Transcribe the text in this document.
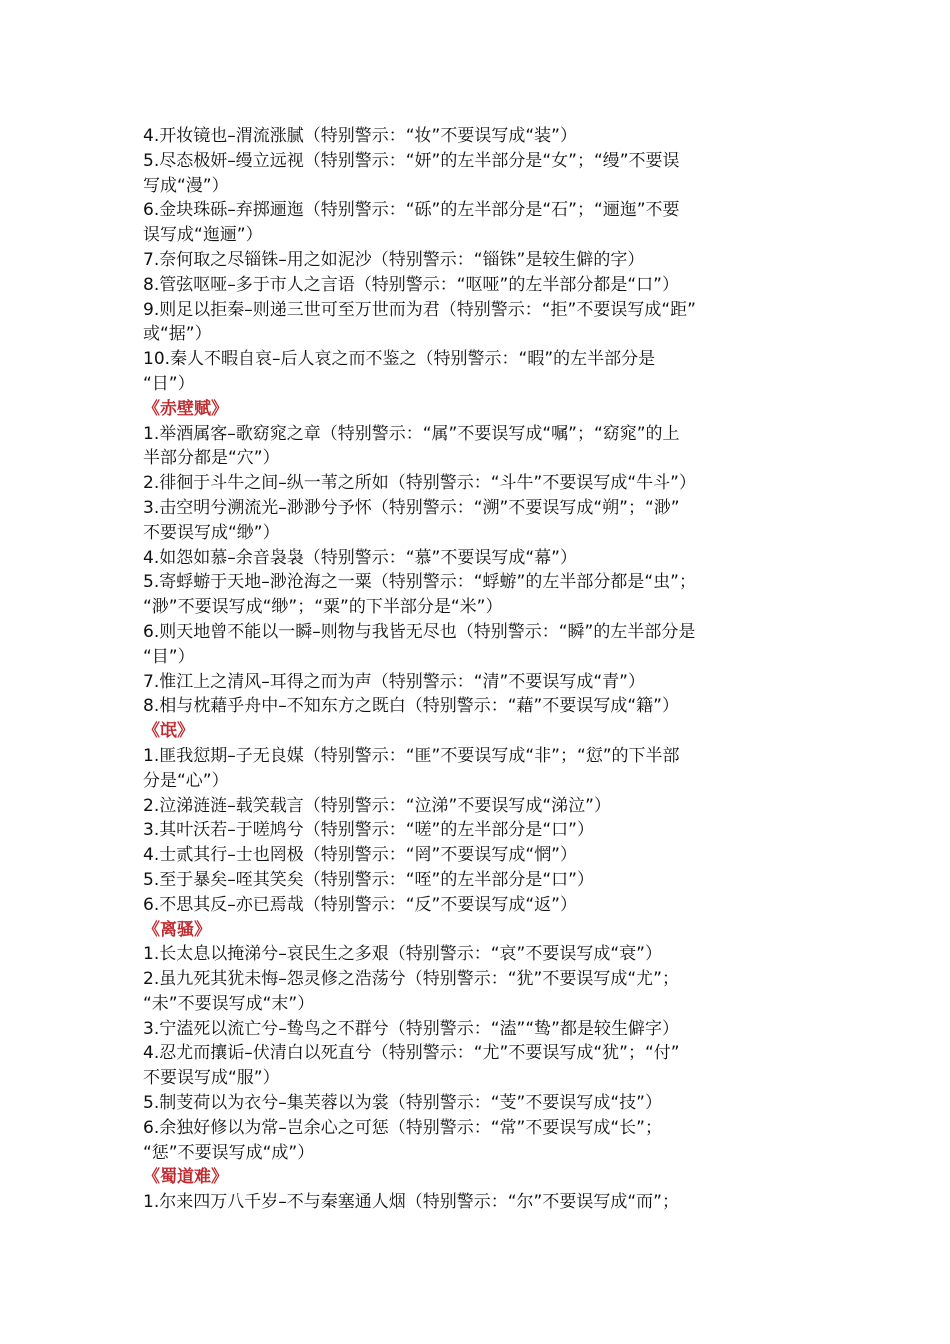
4.开妆镜也–渭流涨腻（特别警示：“妆”不要误写成“装”）
5.尽态极妍–缦立远视（特别警示：“妍”的左半部分是“女”；“缦”不要误
写成“漫”）
6.金块珠砾–弃掷逦迤（特别警示：“砾”的左半部分是“石”；“逦迤”不要
误写成“迤逦”）
7.奈何取之尽锱铢–用之如泥沙（特别警示：“锱铢”是较生僻的字）
8.管弦呕哑–多于市人之言语（特别警示：“呕哑”的左半部分都是“口”）
9.则足以拒秦–则递三世可至万世而为君（特别警示：“拒”不要误写成“距”
或“据”）
10.秦人不暇自哀–后人哀之而不鉴之（特别警示：“暇”的左半部分是
“日”）
《赤壁赋》
1.举酒属客–歌窈窕之章（特别警示：“属”不要误写成“嘱”；“窈窕”的上
半部分都是“穴”）
2.徘徊于斗牛之间–纵一苇之所如（特别警示：“斗牛”不要误写成“牛斗”）
3.击空明兮溯流光–渺渺兮予怀（特别警示：“溯”不要误写成“朔”；“渺”
不要误写成“缈”）
4.如怨如慕–余音袅袅（特别警示：“慕”不要误写成“幕”）
5.寄蜉蝣于天地–渺沧海之一粟（特别警示：“蜉蝣”的左半部分都是“虫”；
“渺”不要误写成“缈”；“粟”的下半部分是“米”）
6.则天地曾不能以一瞬–则物与我皆无尽也（特别警示：“瞬”的左半部分是
“目”）
7.惟江上之清风–耳得之而为声（特别警示：“清”不要误写成“青”）
8.相与枕藉乎舟中–不知东方之既白（特别警示：“藉”不要误写成“籍”）
《氓》
1.匪我愆期–子无良媒（特别警示：“匪”不要误写成“非”；“愆”的下半部
分是“心”）
2.泣涕涟涟–载笑载言（特别警示：“泣涕”不要误写成“涕泣”）
3.其叶沃若–于嗟鸠兮（特别警示：“嗟”的左半部分是“口”）
4.士贰其行–士也罔极（特别警示：“罔”不要误写成“惘”）
5.至于暴矣–咥其笑矣（特别警示：“咥”的左半部分是“口”）
6.不思其反–亦已焉哉（特别警示：“反”不要误写成“返”）
《离骚》
1.长太息以掩涕兮–哀民生之多艰（特别警示：“哀”不要误写成“衰”）
2.虽九死其犹未悔–怨灵修之浩荡兮（特别警示：“犹”不要误写成“尤”；
“未”不要误写成“末”）
3.宁溘死以流亡兮–鸷鸟之不群兮（特别警示：“溘”“鸷”都是较生僻字）
4.忍尤而攘诟–伏清白以死直兮（特别警示：“尤”不要误写成“犹”；“付”
不要误写成“服”）
5.制芰荷以为衣兮–集芙蓉以为裳（特别警示：“芰”不要误写成“技”）
6.余独好修以为常–岂余心之可惩（特别警示：“常”不要误写成“长”；
“惩”不要误写成“成”）
《蜀道难》
1.尔来四万八千岁–不与秦塞通人烟（特别警示：“尔”不要误写成“而”；
